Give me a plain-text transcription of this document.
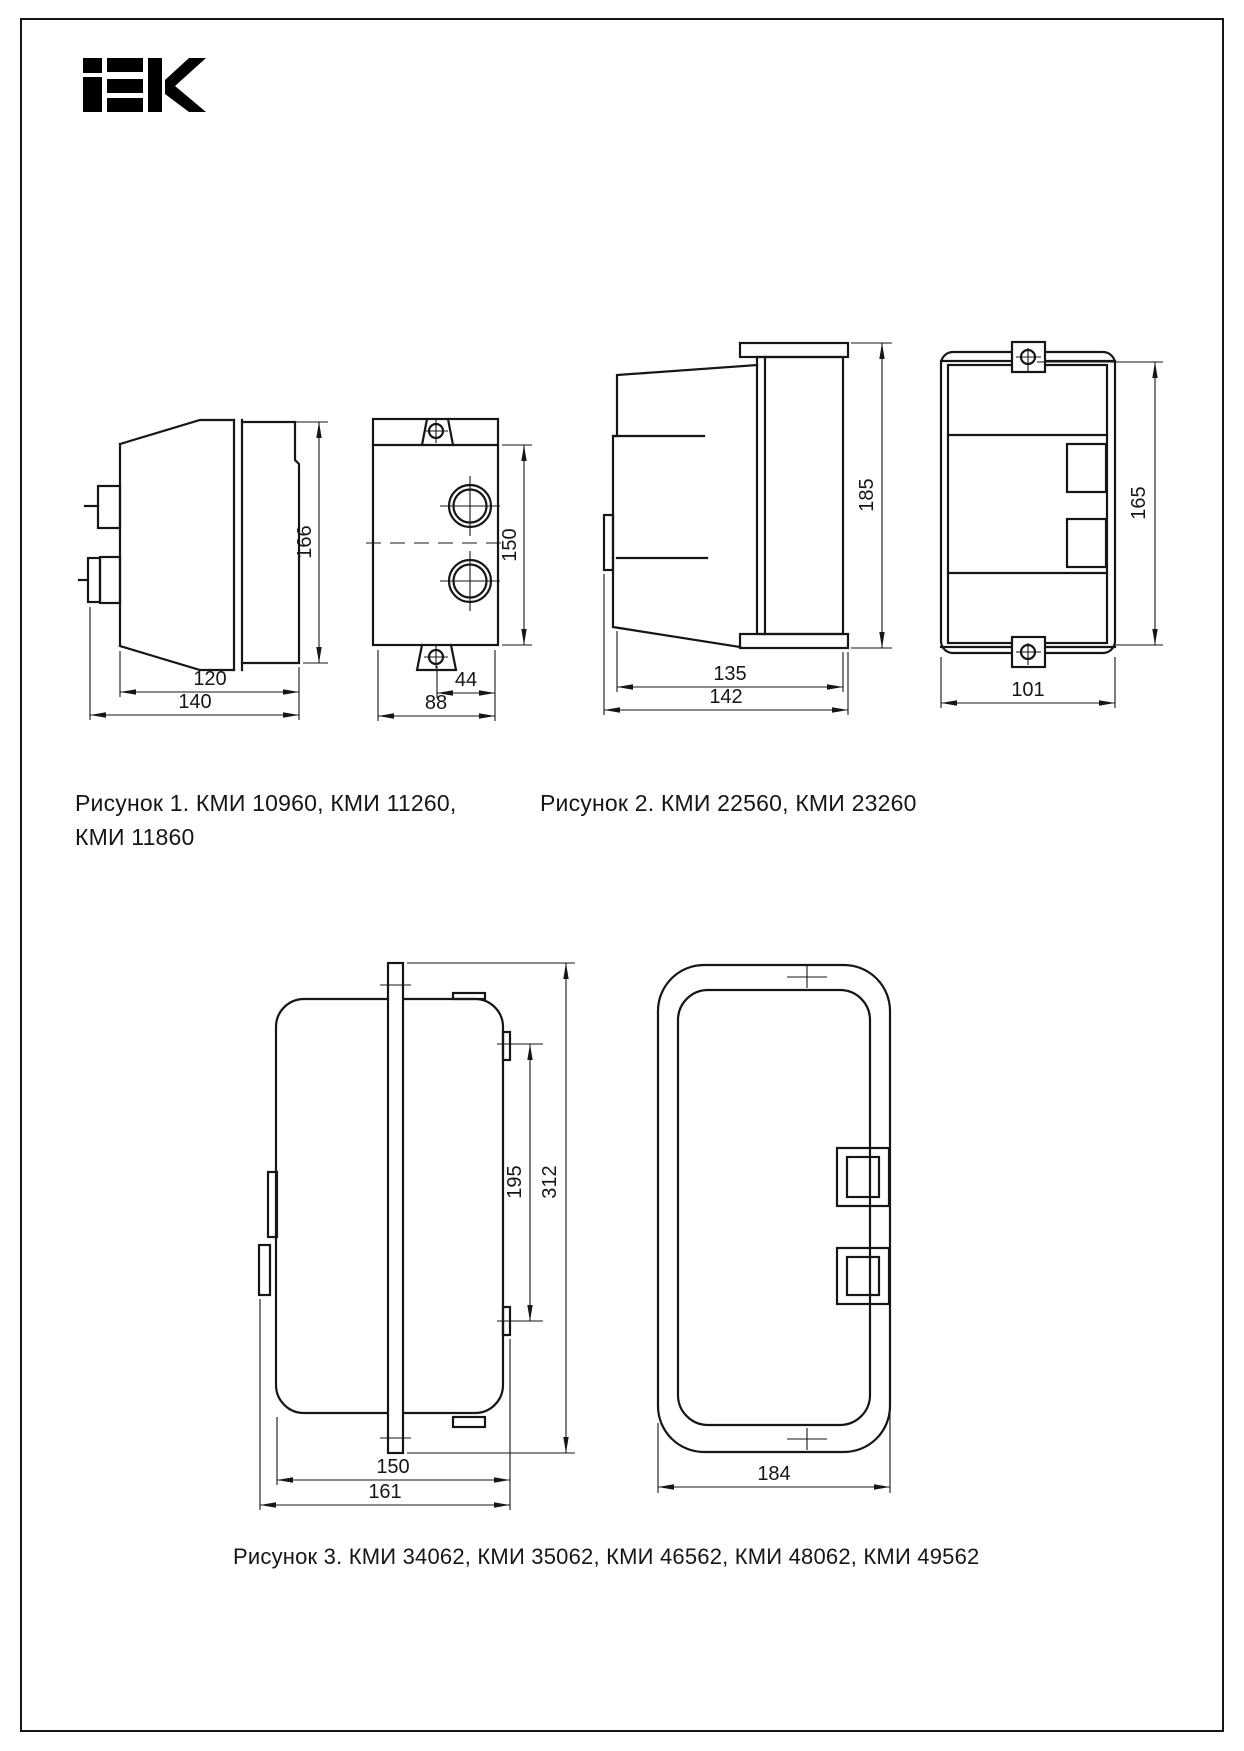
166
120
140
150
44
88
185
135
142
165
101
195 312
150
161
184
Рисунок 1. КМИ 10960, КМИ 11260,
КМИ 11860
Рисунок 2. КМИ 22560, КМИ 23260
Рисунок 3. КМИ 34062, КМИ 35062, КМИ 46562, КМИ 48062, КМИ 49562
